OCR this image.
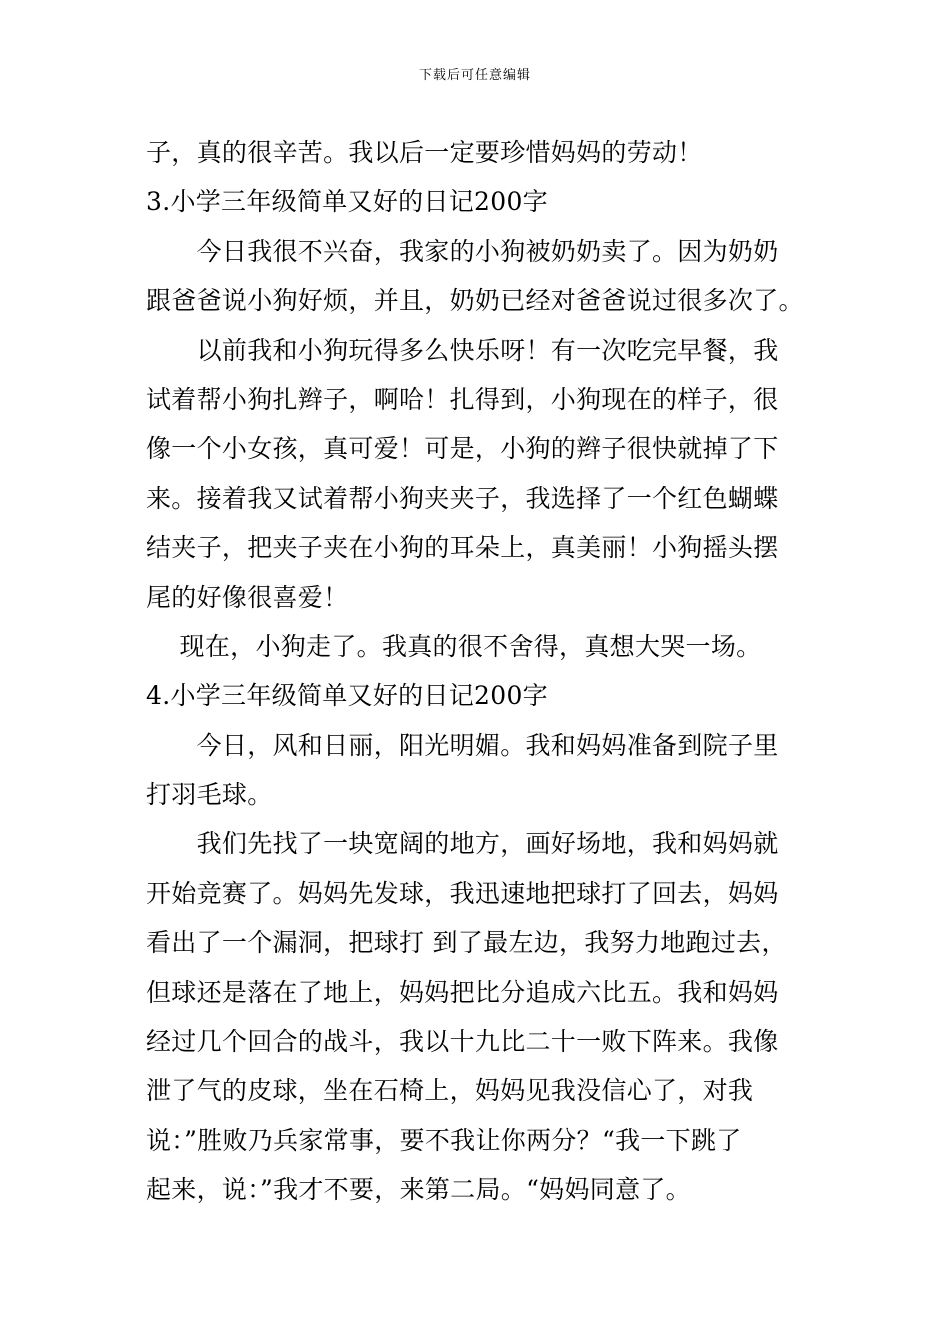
下载后可任意编辑
子，真的很辛苦。我以后一定要珍惜妈妈的劳动！
3.小学三年级简单又好的日记200字
　　今日我很不兴奋，我家的小狗被奶奶卖了。因为奶奶
跟爸爸说小狗好烦，并且，奶奶已经对爸爸说过很多次了。
　　以前我和小狗玩得多么快乐呀！有一次吃完早餐，我
试着帮小狗扎辫子，啊哈！扎得到，小狗现在的样子，很
像一个小女孩，真可爱！可是，小狗的辫子很快就掉了下
来。接着我又试着帮小狗夹夹子，我选择了一个红色蝴蝶
结夹子，把夹子夹在小狗的耳朵上，真美丽！小狗摇头摆
尾的好像很喜爱！
　 现在，小狗走了。我真的很不舍得，真想大哭一场。
4.小学三年级简单又好的日记200字
　　今日，风和日丽，阳光明媚。我和妈妈准备到院子里
打羽毛球。
　　我们先找了一块宽阔的地方，画好场地，我和妈妈就
开始竞赛了。妈妈先发球，我迅速地把球打了回去，妈妈
看出了一个漏洞，把球打 到了最左边，我努力地跑过去，
但球还是落在了地上，妈妈把比分追成六比五。我和妈妈
经过几个回合的战斗，我以十九比二十一败下阵来。我像
泄了气的皮球，坐在石椅上，妈妈见我没信心了，对我
说：”胜败乃兵家常事，要不我让你两分？“我一下跳了
起来，说：”我才不要，来第二局。“妈妈同意了。
